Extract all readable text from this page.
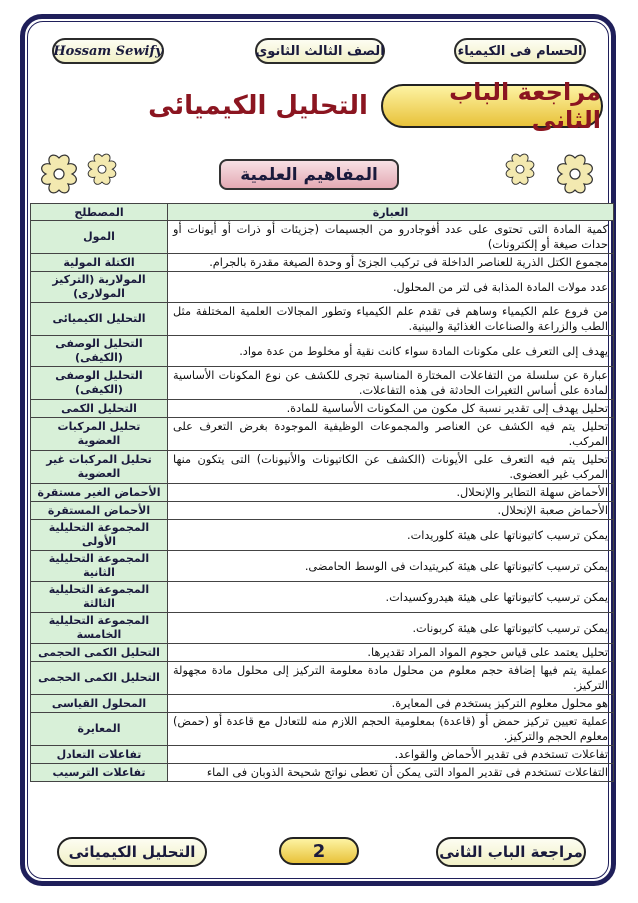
Hossam Sewify	الصف الثالث الثانوى	الحسام فى الكيمياء
مراجعة الباب الثانى
التحليل الكيميائى
المفاهيم العلمية
العبارة	المصطلح
كمية المادة التى تحتوى على عدد أفوجادرو من الجسيمات (جزيئات أو ذرات أو أيونات أو حدات صيغة أو إلكترونات)	المول
مجموع الكتل الذرية للعناصر الداخلة فى تركيب الجزئ أو وحدة الصيغة مقدرة بالجرام.	الكتلة المولية
عدد مولات المادة المذابة فى لتر من المحلول.	المولارية (التركيز المولارى)
من فروع علم الكيمياء وساهم فى تقدم علم الكيمياء وتطور المجالات العلمية المختلفة مثل الطب والزراعة والصناعات الغذائية والبينية.	التحليل الكيميائى
يهدف إلى التعرف على مكونات المادة سواء كانت نقية أو مخلوط من عدة مواد.	التحليل الوصفى (الكيفى)
عبارة عن سلسلة من التفاعلات المختارة المناسبة تجرى للكشف عن نوع المكونات الأساسية لمادة على أساس التغيرات الحادثة فى هذه التفاعلات.	التحليل الوصفى (الكيفى)
تحليل يهدف إلى تقدير نسبة كل مكون من المكونات الأساسية للمادة.	التحليل الكمى
تحليل يتم فيه الكشف عن العناصر والمجموعات الوظيفية الموجودة بغرض التعرف على المركب.	تحليل المركبات العضوية
تحليل يتم فيه التعرف على الأيونات (الكشف عن الكاتيونات والأنيونات) التى يتكون منها المركب غير العضوى.	تحليل المركبات غير العضوية
الأحماض سهلة التطاير والإنحلال.	الأحماض الغير مستقرة
الأحماض صعبة الإنحلال.	الأحماض المستقرة
يمكن ترسيب كاتيوناتها على هيئة كلوريدات.	المجموعة التحليلية الأولى
يمكن ترسيب كاتيوناتها على هيئة كبريتيدات فى الوسط الحامضى.	المجموعة التحليلية الثانية
يمكن ترسيب كاتيوناتها على هيئة هيدروكسيدات.	المجموعة التحليلية الثالثة
يمكن ترسيب كاتيوناتها على هيئة كربونات.	المجموعة التحليلية الخامسة
تحليل يعتمد على قياس حجوم المواد المراد تقديرها.	التحليل الكمى الحجمى
عملية يتم فيها إضافة حجم معلوم من محلول مادة معلومة التركيز إلى محلول مادة مجهولة التركيز.	التحليل الكمى الحجمى
هو محلول معلوم التركيز يستخدم فى المعايرة.	المحلول القياسى
عملية تعيين تركيز حمض أو (قاعدة) بمعلومية الحجم اللازم منه للتعادل مع قاعدة أو (حمض) معلوم الحجم والتركيز.	المعايرة
تفاعلات تستخدم فى تقدير الأحماض والقواعد.	تفاعلات التعادل
التفاعلات تستخدم فى تقدير المواد التى يمكن أن تعطى نواتج شحيحة الذوبان فى الماء	تفاعلات الترسيب
التحليل الكيميائى	2	مراجعة الباب الثانى
